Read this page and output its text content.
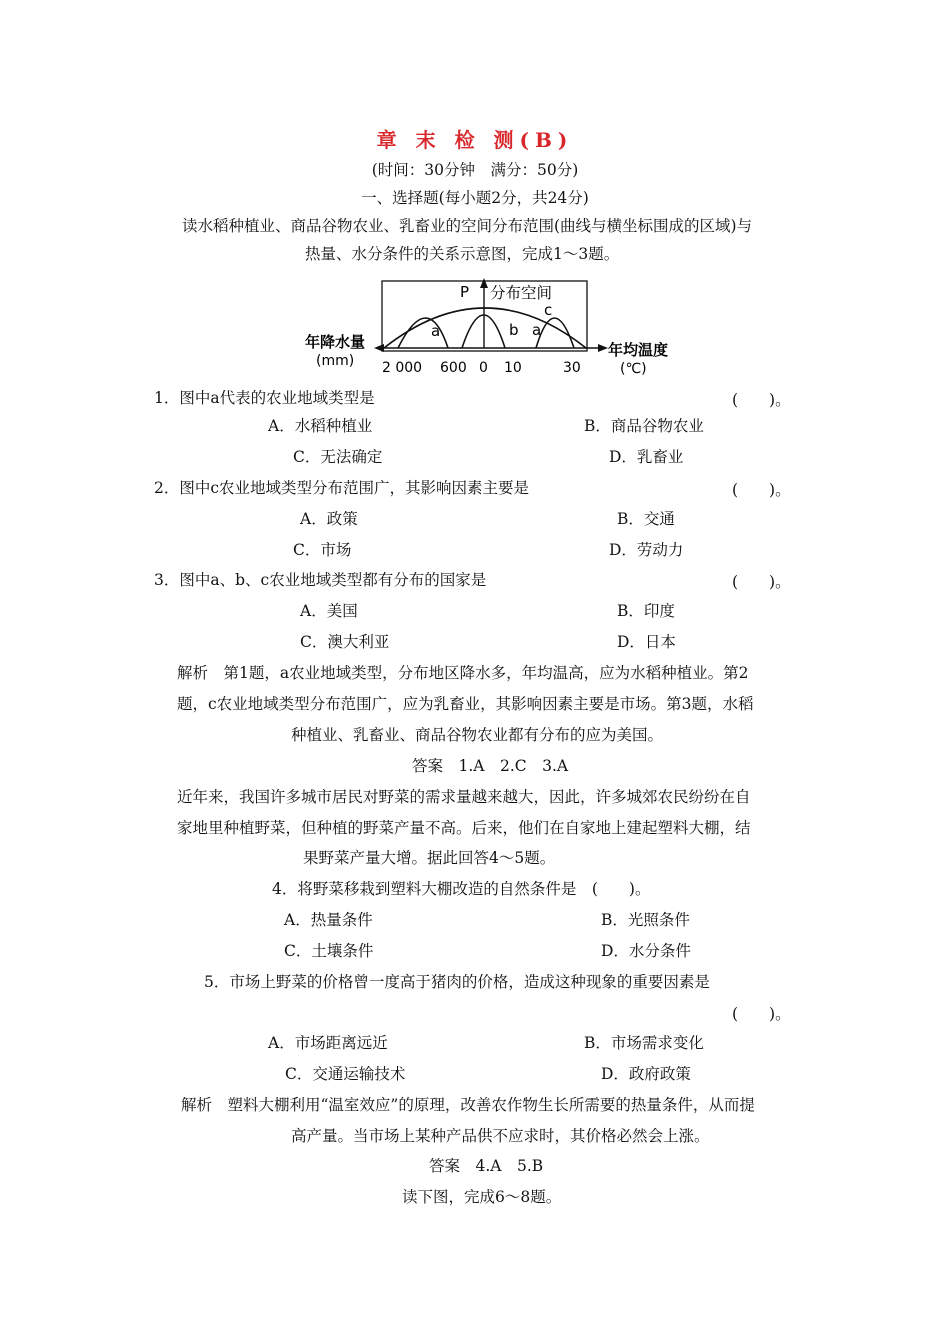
章 末 检 测(B)
(时间：30分钟　满分：50分)
一、选择题(每小题2分，共24分)
读水稻种植业、商品谷物农业、乳畜业的空间分布范围(曲线与横坐标围成的区域)与
热量、水分条件的关系示意图，完成1～3题。
P 分布空间
a	b a
c
年降水量
(mm)
年均温度
(℃)
2 000 600 0 10	30
1．图中a代表的农业地域类型是	(　　)。
A．水稻种植业	B．商品谷物农业
C．无法确定	D．乳畜业
2．图中c农业地域类型分布范围广，其影响因素主要是	(　　)。
A．政策	B．交通
C．市场	D．劳动力
3．图中a、b、c农业地域类型都有分布的国家是	(　　)。
A．美国	B．印度
C．澳大利亚	D．日本
解析　第1题，a农业地域类型，分布地区降水多，年均温高，应为水稻种植业。第2
题，c农业地域类型分布范围广，应为乳畜业，其影响因素主要是市场。第3题，水稻
种植业、乳畜业、商品谷物农业都有分布的应为美国。
答案　1.A　2.C　3.A
近年来，我国许多城市居民对野菜的需求量越来越大，因此，许多城郊农民纷纷在自
家地里种植野菜，但种植的野菜产量不高。后来，他们在自家地上建起塑料大棚，结
果野菜产量大增。据此回答4～5题。
4．将野菜移栽到塑料大棚改造的自然条件是　(　　)。
A．热量条件	B．光照条件
C．土壤条件	D．水分条件
5．市场上野菜的价格曾一度高于猪肉的价格，造成这种现象的重要因素是
(　　)。
A．市场距离远近	B．市场需求变化
C．交通运输技术	D．政府政策
解析　塑料大棚利用“温室效应”的原理，改善农作物生长所需要的热量条件，从而提
高产量。当市场上某种产品供不应求时，其价格必然会上涨。
答案　4.A　5.B
读下图，完成6～8题。
